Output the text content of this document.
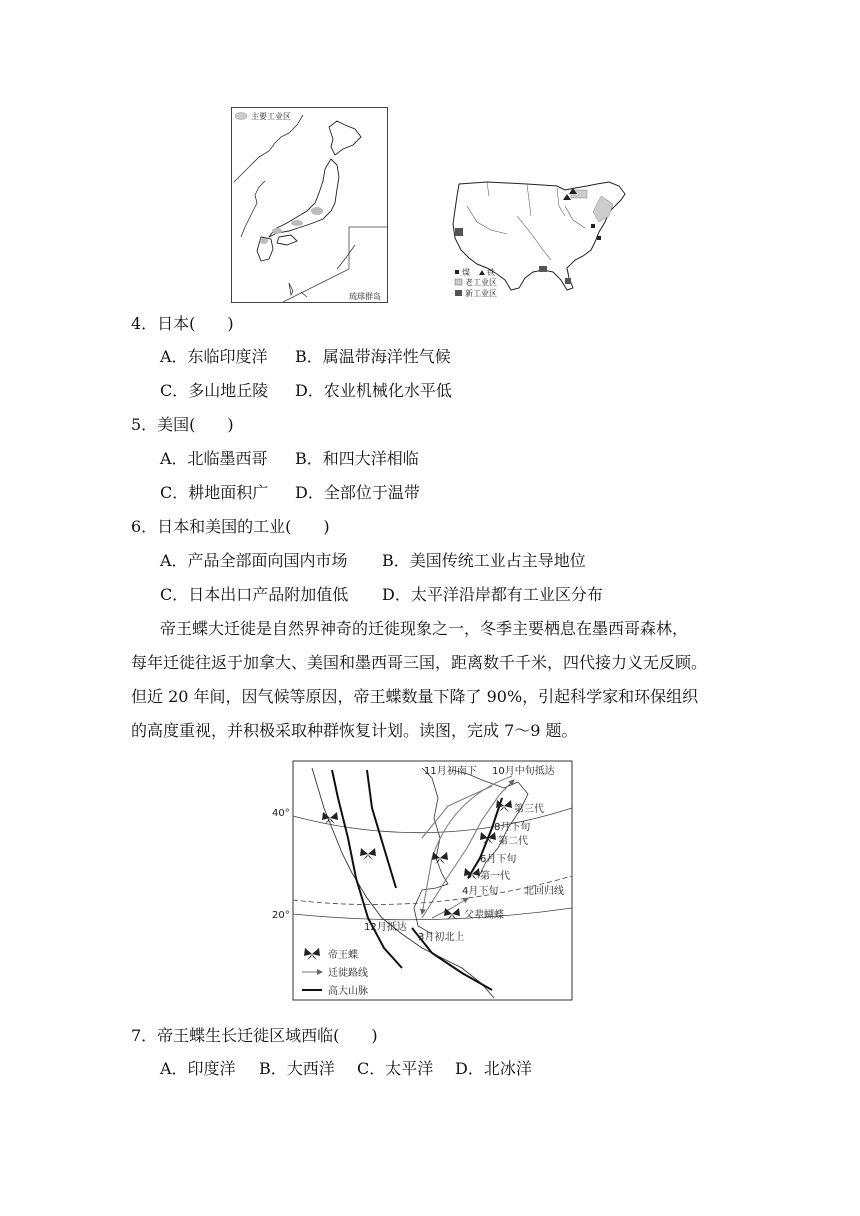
主要工业区
琉球群岛
煤 铁
老工业区
新工业区
4．日本(　　)
A．东临印度洋 B．属温带海洋性气候
C．多山地丘陵 D．农业机械化水平低
5．美国(　　)
A．北临墨西哥 B．和四大洋相临
C．耕地面积广 D．全部位于温带
6．日本和美国的工业(　　)
A．产品全部面向国内市场 B．美国传统工业占主导地位
C．日本出口产品附加值低 D．太平洋沿岸都有工业区分布
帝王蝶大迁徙是自然界神奇的迁徙现象之一，冬季主要栖息在墨西哥森林，
每年迁徙往返于加拿大、美国和墨西哥三国，距离数千千米，四代接力义无反顾。
但近 20 年间，因气候等原因，帝王蝶数量下降了 90%，引起科学家和环保组织
的高度重视，并积极采取种群恢复计划。读图，完成 7～9 题。
40°
20°
11月初南下 10月中旬抵达
第三代
8月下旬
第二代
6月下旬
第一代
4月下旬	北回归线
12月抵达
3月初北上
父辈蝴蝶
帝王蝶
迁徙路线
高大山脉
7．帝王蝶生长迁徙区域西临(　　)
A．印度洋 B．大西洋 C．太平洋 D．北冰洋
